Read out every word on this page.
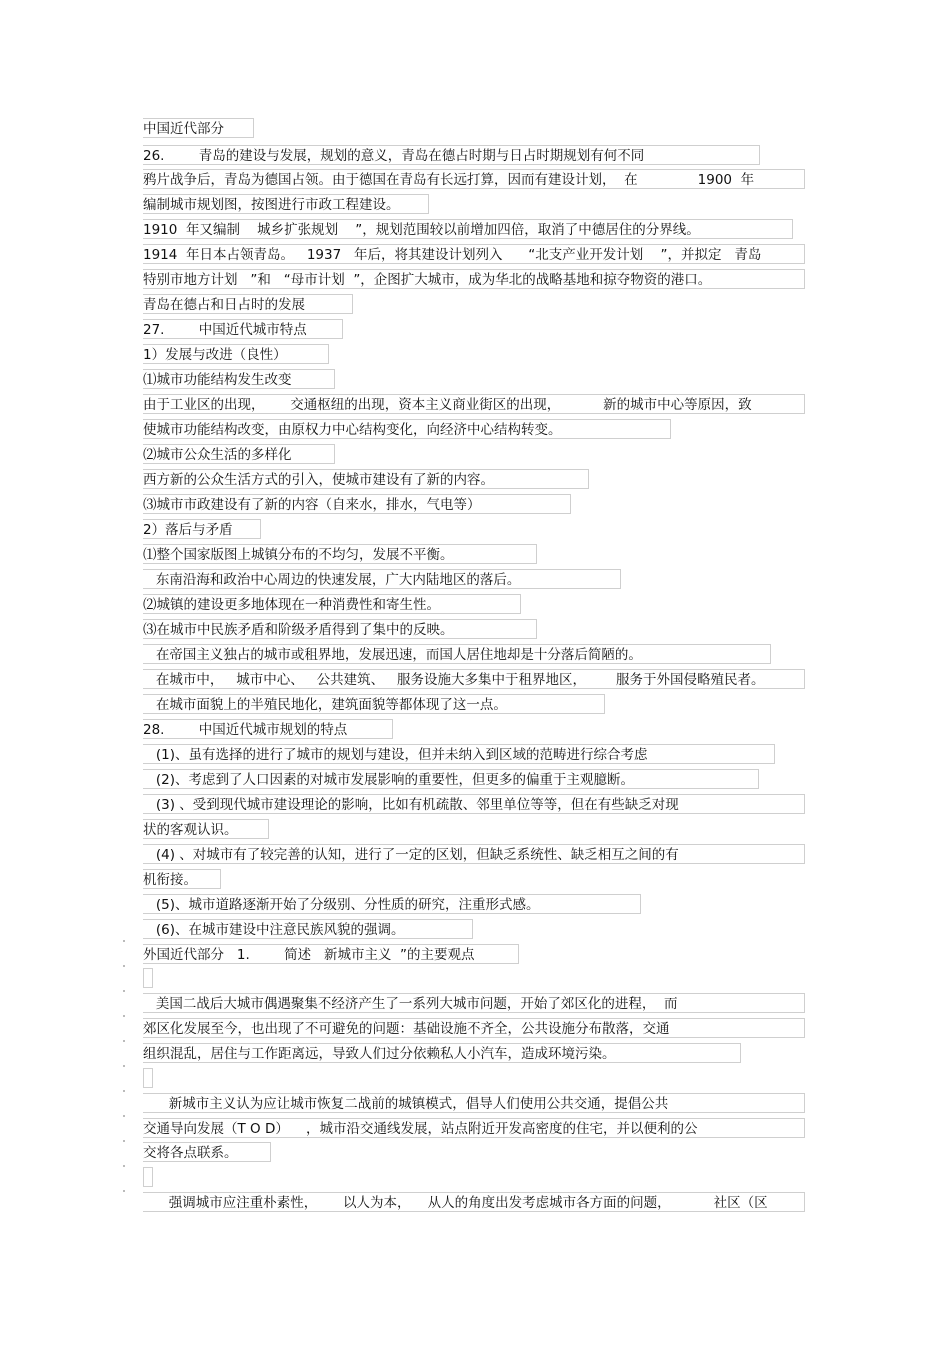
中国近代部分
26.        青岛的建设与发展，规划的意义，青岛在德占时期与日占时期规划有何不同
鸦片战争后，青岛为德国占领。由于德国在青岛有长远打算，因而有建设计划，  在              1900  年
编制城市规划图，按图进行市政工程建设。
1910  年又编制    城乡扩张规划    ”，规划范围较以前增加四倍，取消了中德居住的分界线。
1914  年日本占领青岛。   1937   年后，将其建设计划列入      “北支产业开发计划    ”，并拟定   青岛
特别市地方计划   ”和   “母市计划  ”，企图扩大城市，成为华北的战略基地和掠夺物资的港口。
青岛在德占和日占时的发展
27.        中国近代城市特点
1）发展与改进（良性）
⑴城市功能结构发生改变
由于工业区的出现，      交通枢纽的出现，资本主义商业街区的出现，          新的城市中心等原因，致
使城市功能结构改变，由原权力中心结构变化，向经济中心结构转变。
⑵城市公众生活的多样化
西方新的公众生活方式的引入，使城市建设有了新的内容。
⑶城市市政建设有了新的内容（自来水，排水，气电等）
2）落后与矛盾
⑴整个国家版图上城镇分布的不均匀，发展不平衡。
东南沿海和政治中心周边的快速发展，广大内陆地区的落后。
⑵城镇的建设更多地体现在一种消费性和寄生性。
⑶在城市中民族矛盾和阶级矛盾得到了集中的反映。
在帝国主义独占的城市或租界地，发展迅速，而国人居住地却是十分落后简陋的。
在城市中，   城市中心、   公共建筑、   服务设施大多集中于租界地区，       服务于外国侵略殖民者。
在城市面貌上的半殖民地化，建筑面貌等都体现了这一点。
28.        中国近代城市规划的特点
(1)、虽有选择的进行了城市的规划与建设，但并未纳入到区域的范畴进行综合考虑
(2)、考虑到了人口因素的对城市发展影响的重要性，但更多的偏重于主观臆断。
(3) 、受到现代城市建设理论的影响，比如有机疏散、邻里单位等等，但在有些缺乏对现
状的客观认识。
(4) 、对城市有了较完善的认知，进行了一定的区划，但缺乏系统性、缺乏相互之间的有
机衔接。
(5)、城市道路逐渐开始了分级别、分性质的研究，注重形式感。
(6)、在城市建设中注意民族风貌的强调。
外国近代部分   1.        简述   新城市主义  ”的主要观点
美国二战后大城市偶遇聚集不经济产生了一系列大城市问题，开始了郊区化的进程，  而
郊区化发展至今，也出现了不可避免的问题：基础设施不齐全，公共设施分布散落，交通
组织混乱，居住与工作距离远，导致人们过分依赖私人小汽车，造成环境污染。
新城市主义认为应让城市恢复二战前的城镇模式，倡导人们使用公共交通，提倡公共
交通导向发展（T O D）    ，城市沿交通线发展，站点附近开发高密度的住宅，并以便利的公
交将各点联系。
强调城市应注重朴素性，      以人为本，    从人的角度出发考虑城市各方面的问题，          社区（区
